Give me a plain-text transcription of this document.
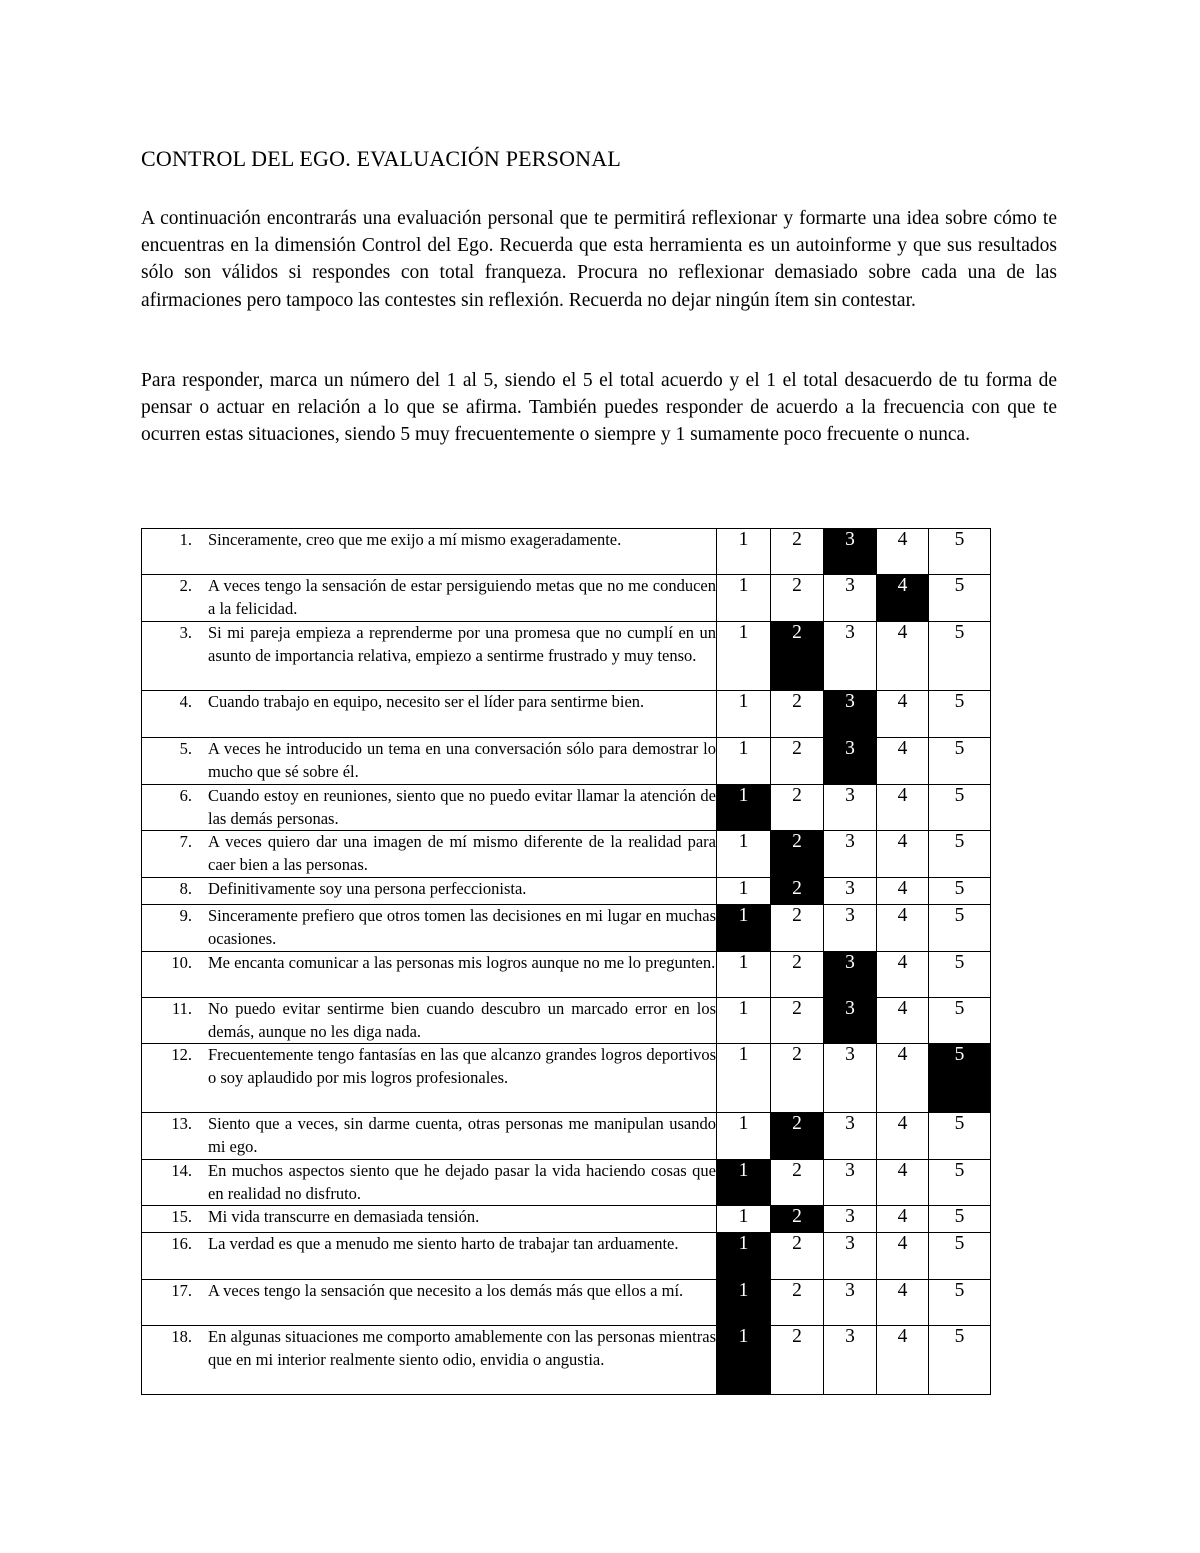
CONTROL DEL EGO. EVALUACIÓN PERSONAL

A continuación encontrarás una evaluación personal que te permitirá reflexionar y formarte una idea sobre cómo te encuentras en la dimensión Control del Ego. Recuerda que esta herramienta es un autoinforme y que sus resultados sólo son válidos si respondes con total franqueza. Procura no reflexionar demasiado sobre cada una de las afirmaciones pero tampoco las contestes sin reflexión. Recuerda no dejar ningún ítem sin contestar.

Para responder, marca un número del 1 al 5, siendo el 5 el total acuerdo y el 1 el total desacuerdo de tu forma de pensar o actuar en relación a lo que se afirma. También puedes responder de acuerdo a la frecuencia con que te ocurren estas situaciones, siendo 5 muy frecuentemente o siempre y 1 sumamente poco frecuente o nunca.

1. Sinceramente, creo que me exijo a mí mismo exageradamente.	1	2	3	4	5

2. A veces tengo la sensación de estar persiguiendo metas que no me conducen a la felicidad.	1	2	3	4	5

3. Si mi pareja empieza a reprenderme por una promesa que no cumplí en un asunto de importancia relativa, empiezo a sentirme frustrado y muy tenso.	1	2	3	4	5

4. Cuando trabajo en equipo, necesito ser el líder para sentirme bien.	1	2	3	4	5

5. A veces he introducido un tema en una conversación sólo para demostrar lo mucho que sé sobre él.	1	2	3	4	5

6. Cuando estoy en reuniones, siento que no puedo evitar llamar la atención de las demás personas.	1	2	3	4	5

7. A veces quiero dar una imagen de mí mismo diferente de la realidad para caer bien a las personas.	1	2	3	4	5

8. Definitivamente soy una persona perfeccionista.	1	2	3	4	5

9. Sinceramente prefiero que otros tomen las decisiones en mi lugar en muchas ocasiones.	1	2	3	4	5

10. Me encanta comunicar a las personas mis logros aunque no me lo pregunten.	1	2	3	4	5

11. No puedo evitar sentirme bien cuando descubro un marcado error en los demás, aunque no les diga nada.	1	2	3	4	5

12. Frecuentemente tengo fantasías en las que alcanzo grandes logros deportivos o soy aplaudido por mis logros profesionales.	1	2	3	4	5

13. Siento que a veces, sin darme cuenta, otras personas me manipulan usando mi ego.	1	2	3	4	5

14. En muchos aspectos siento que he dejado pasar la vida haciendo cosas que en realidad no disfruto.	1	2	3	4	5

15. Mi vida transcurre en demasiada tensión.	1	2	3	4	5

16. La verdad es que a menudo me siento harto de trabajar tan arduamente.	1	2	3	4	5

17. A veces tengo la sensación que necesito a los demás más que ellos a mí.	1	2	3	4	5

18. En algunas situaciones me comporto amablemente con las personas mientras que en mi interior realmente siento odio, envidia o angustia.	1	2	3	4	5
